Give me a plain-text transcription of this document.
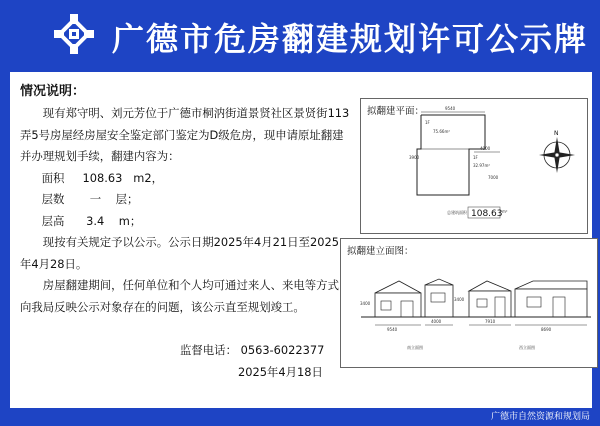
广德市危房翻建规划许可公示牌
情况说明：

现有郑守明、刘元芳位于广德市桐汭街道景贤社区景贤街113弄5号房屋经房屋安全鉴定部门鉴定为D级危房，现申请原址翻建并办理规划手续，翻建内容为：

面积     108.63   m2，
层数       一    层；
层高      3.4    m；

现按有关规定予以公示。公示日期2025年4月21日至2025年4月28日。

房屋翻建期间，任何单位和个人均可通过来人、来电等方式向我局反映公示对象存在的问题，该公示直至规划竣工。

监督电话： 0563-6022377
2025年4月18日
拟翻建平面：	9540
1F
75.66m²
1F
32.97m²
4000
3900
7000
总建筑面积 108.63 m²
N
拟翻建立面图：
3400
9540
4000
南立面图
3400
7910
8690
西立面图
广德市自然资源和规划局
